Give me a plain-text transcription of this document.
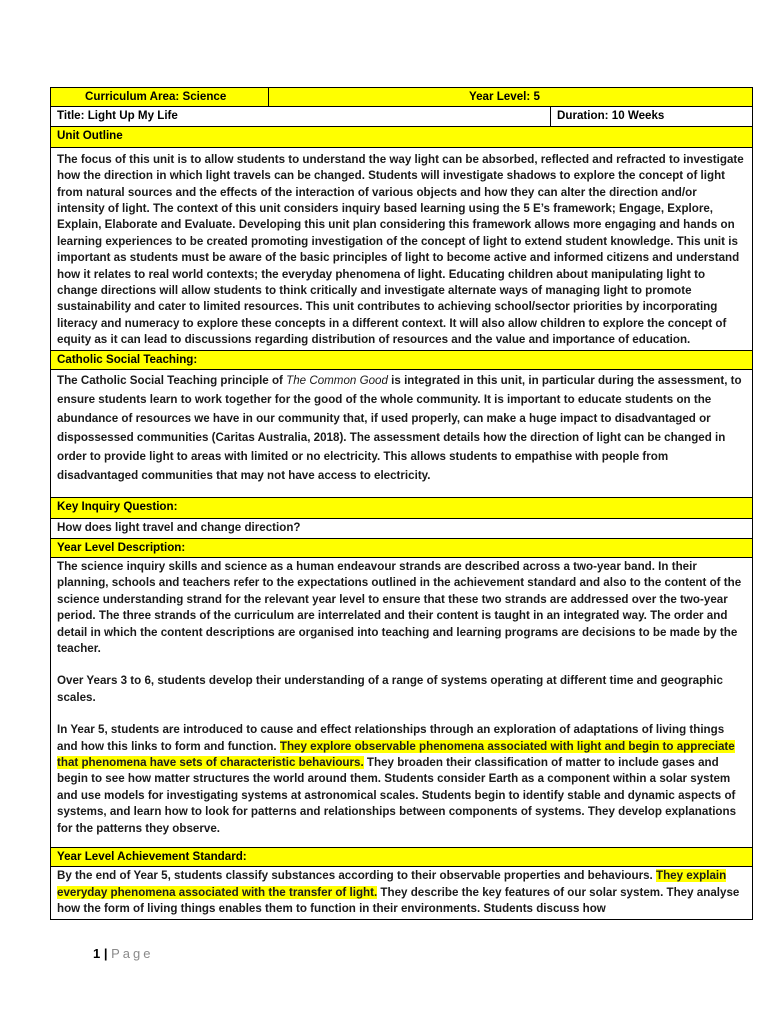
Curriculum Area: Science	Year Level: 5	
Title: Light Up My Life		Duration: 10 Weeks
Unit Outline		

The focus of this unit is to allow students to understand the way light can be absorbed, reflected and refracted to investigate how the direction in which light travels can be changed. Students will investigate shadows to explore the concept of light from natural sources and the effects of the interaction of various objects and how they can alter the direction and/or intensity of light. The context of this unit considers inquiry based learning using the 5 E’s framework; Engage, Explore, Explain, Elaborate and Evaluate. Developing this unit plan considering this framework allows more engaging and hands on learning experiences to be created promoting investigation of the concept of light to extend student knowledge. This unit is important as students must be aware of the basic principles of light to become active and informed citizens and understand how it relates to real world contexts; the everyday phenomena of light. Educating children about manipulating light to change directions will allow students to think critically and investigate alternate ways of managing light to promote sustainability and cater to limited resources. This unit contributes to achieving school/sector priorities by incorporating literacy and numeracy to explore these concepts in a different context. It will also allow children to explore the concept of equity as it can lead to discussions regarding distribution of resources and the value and importance of education.		

Catholic Social Teaching:		

The Catholic Social Teaching principle of The Common Good is integrated in this unit, in particular during the assessment, to ensure students learn to work together for the good of the whole community. It is important to educate students on the abundance of resources we have in our community that, if used properly, can make a huge impact to disadvantaged or dispossessed communities (Caritas Australia, 2018). The assessment details how the direction of light can be changed in order to provide light to areas with limited or no electricity. This allows students to empathise with people from disadvantaged communities that may not have access to electricity.		

Key Inquiry Question:		
How does light travel and change direction?		
Year Level Description:		

The science inquiry skills and science as a human endeavour strands are described across a two-year band. In their planning, schools and teachers refer to the expectations outlined in the achievement standard and also to the content of the science understanding strand for the relevant year level to ensure that these two strands are addressed over the two-year period. The three strands of the curriculum are interrelated and their content is taught in an integrated way. The order and detail in which the content descriptions are organised into teaching and learning programs are decisions to be made by the teacher.

Over Years 3 to 6, students develop their understanding of a range of systems operating at different time and geographic scales.

In Year 5, students are introduced to cause and effect relationships through an exploration of adaptations of living things and how this links to form and function. They explore observable phenomena associated with light and begin to appreciate that phenomena have sets of characteristic behaviours. They broaden their classification of matter to include gases and begin to see how matter structures the world around them. Students consider Earth as a component within a solar system and use models for investigating systems at astronomical scales. Students begin to identify stable and dynamic aspects of systems, and learn how to look for patterns and relationships between components of systems. They develop explanations for the patterns they observe.		

Year Level Achievement Standard:		

By the end of Year 5, students classify substances according to their observable properties and behaviours. They explain everyday phenomena associated with the transfer of light. They describe the key features of our solar system. They analyse how the form of living things enables them to function in their environments. Students discuss how		

1 | Page
